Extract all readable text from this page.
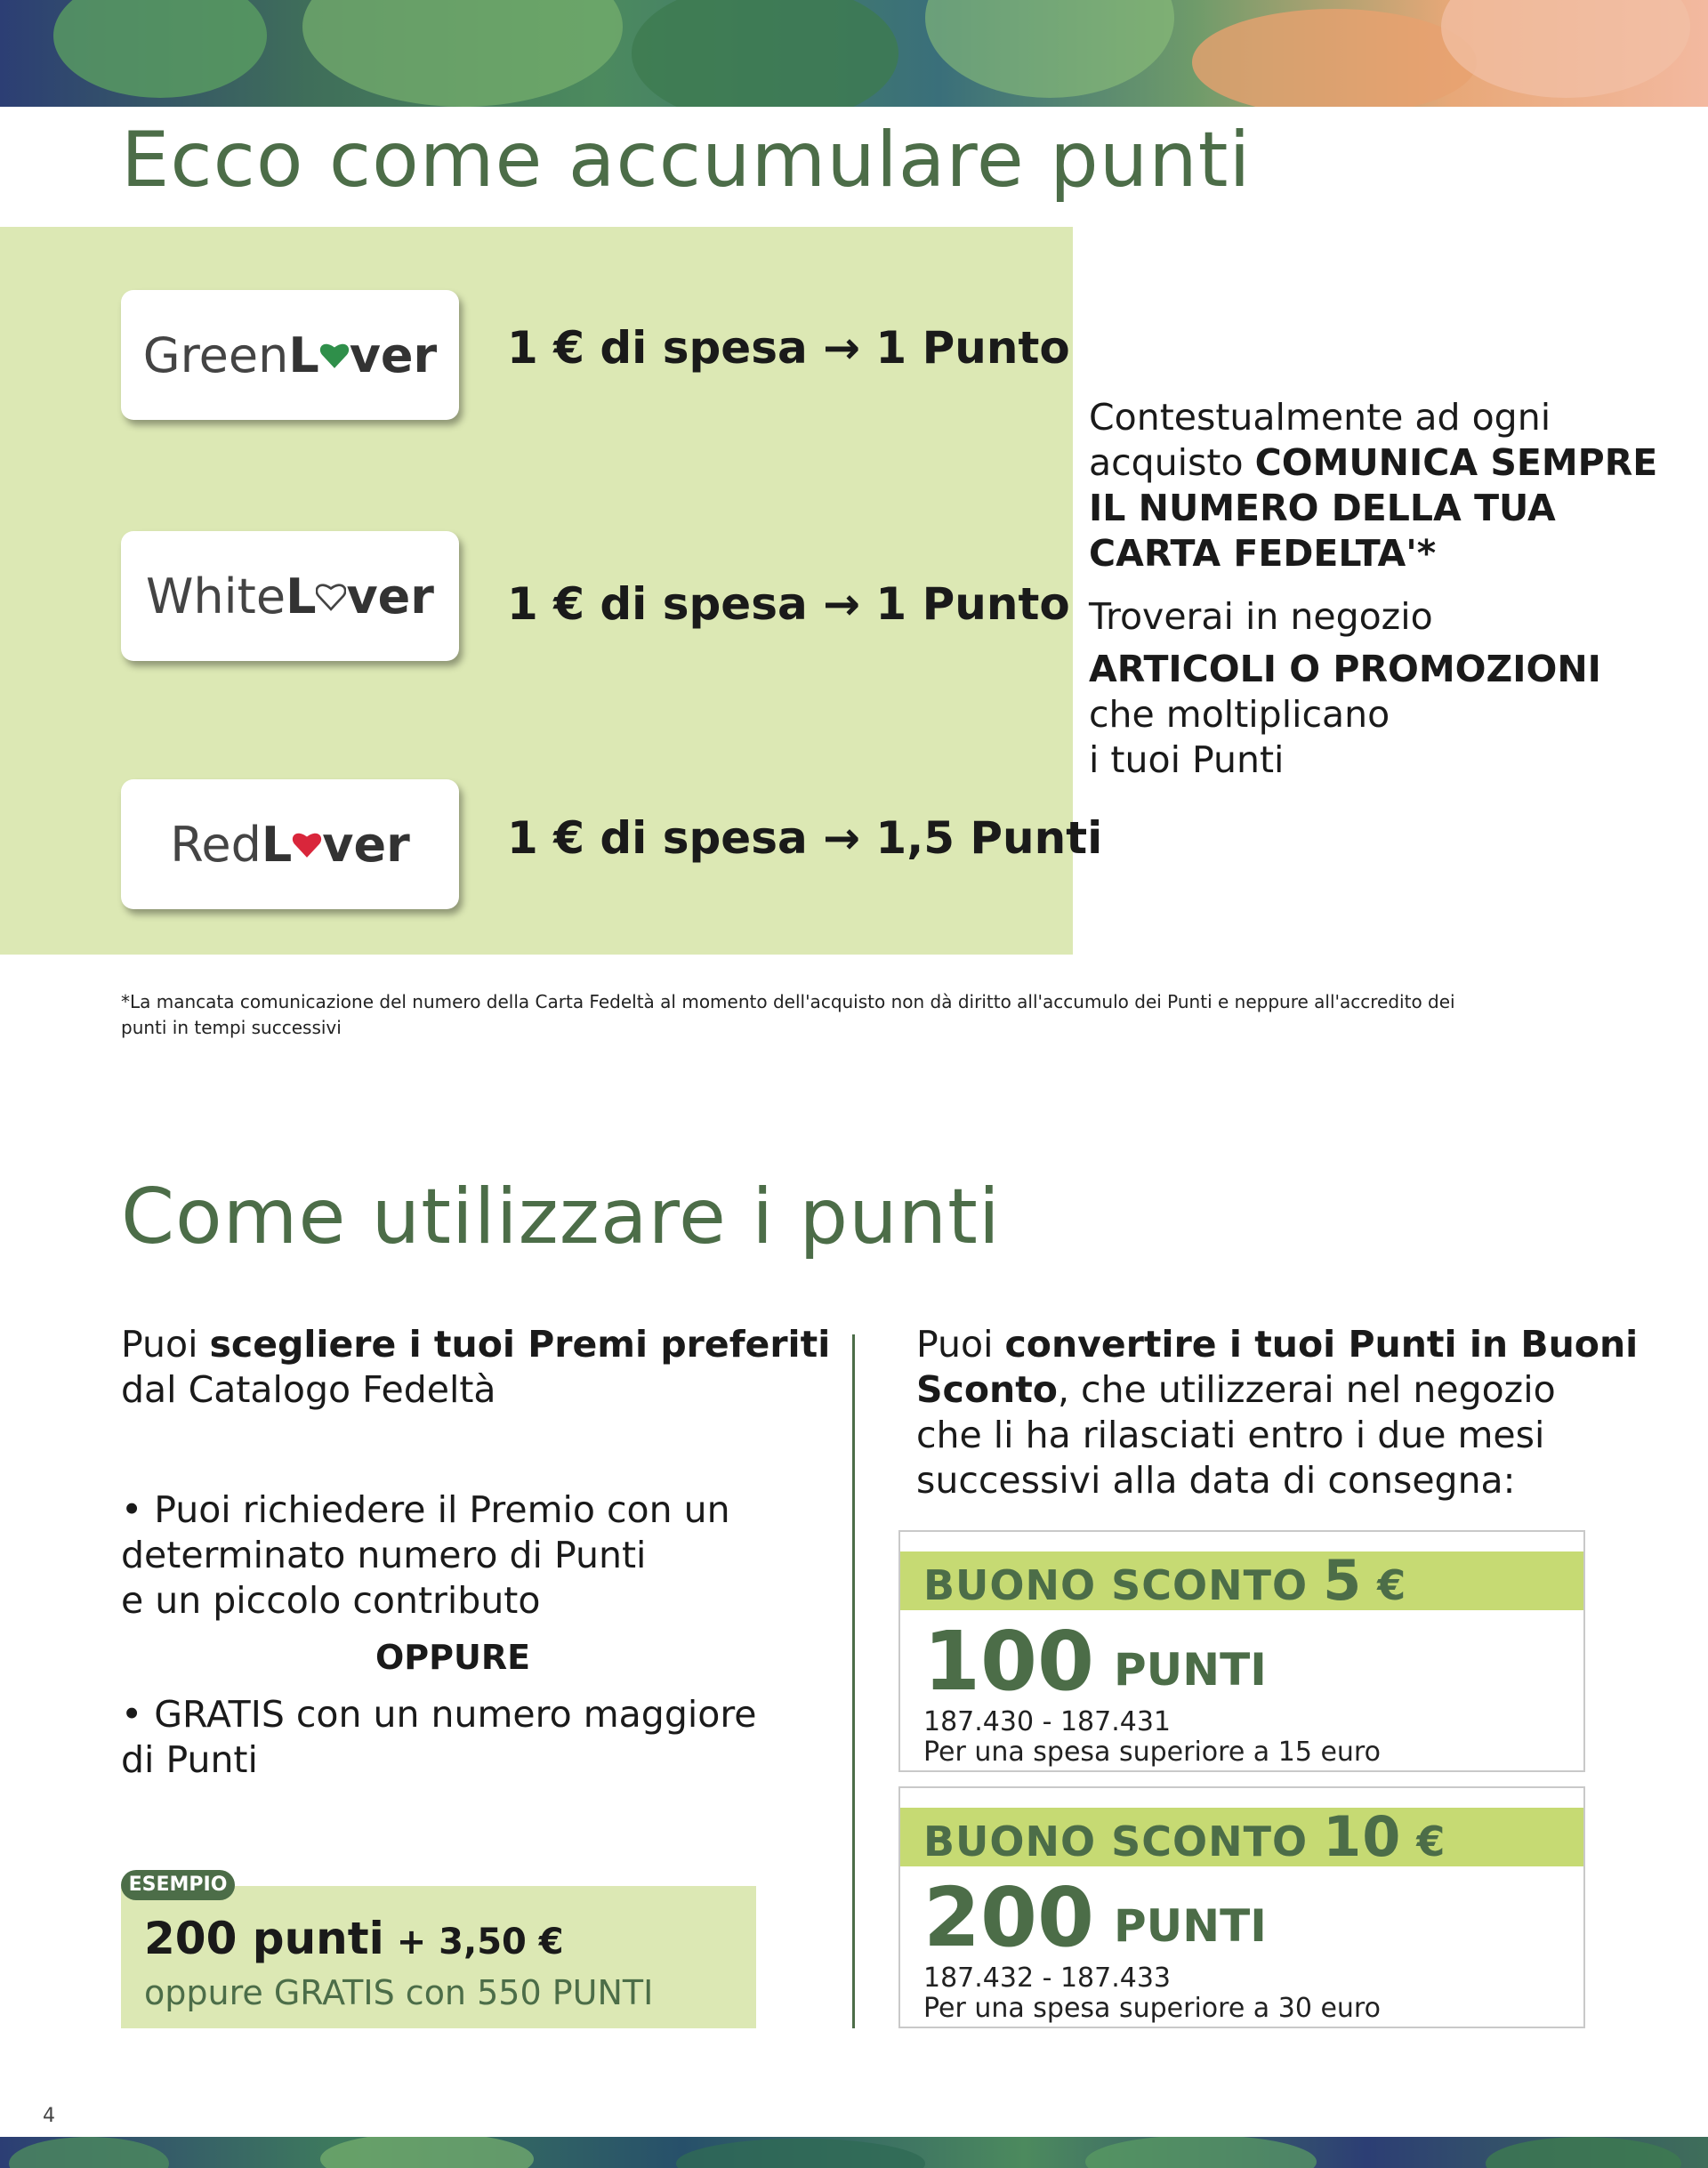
Ecco come accumulare punti
Green L ver 1 € di spesa → 1 Punto
White L ver 1 € di spesa → 1 Punto
Red L ver 1 € di spesa → 1,5 Punti
Contestualmente ad ogni
acquisto COMUNICA SEMPRE
IL NUMERO DELLA TUA
CARTA FEDELTA'*
Troverai in negozio
ARTICOLI O PROMOZIONI
che moltiplicano
i tuoi Punti
*La mancata comunicazione del numero della Carta Fedeltà al momento dell'acquisto non dà diritto all'accumulo dei Punti e neppure all'accredito dei
punti in tempi successivi
Come utilizzare i punti
Puoi scegliere i tuoi Premi preferiti
dal Catalogo Fedeltà
• Puoi richiedere il Premio con un
determinato numero di Punti
e un piccolo contributo
OPPURE
• GRATIS con un numero maggiore
di Punti
200 punti + 3,50 €
oppure GRATIS con 550 PUNTI
ESEMPIO
Puoi convertire i tuoi Punti in Buoni
Sconto, che utilizzerai nel negozio
che li ha rilasciati entro i due mesi
successivi alla data di consegna:
BUONO SCONTO 5 €
100 PUNTI
187.430 - 187.431
Per una spesa superiore a 15 euro
BUONO SCONTO 10 €
200 PUNTI
187.432 - 187.433
Per una spesa superiore a 30 euro
4
